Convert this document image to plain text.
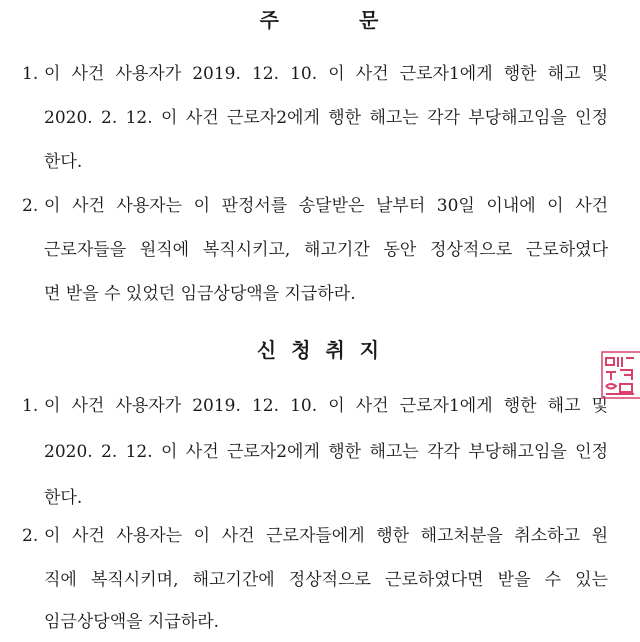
주	문
1. 이 사건 사용자가 2019. 12. 10. 이 사건 근로자1에게 행한 해고 및
2020. 2. 12. 이 사건 근로자2에게 행한 해고는 각각 부당해고임을 인정
한다.
2. 이 사건 사용자는 이 판정서를 송달받은 날부터 30일 이내에 이 사건
근로자들을 원직에 복직시키고, 해고기간 동안 정상적으로 근로하였다
면 받을 수 있었던 임금상당액을 지급하라.
신 청 취 지
1. 이 사건 사용자가 2019. 12. 10. 이 사건 근로자1에게 행한 해고 및
2020. 2. 12. 이 사건 근로자2에게 행한 해고는 각각 부당해고임을 인정
한다.
2. 이 사건 사용자는 이 사건 근로자들에게 행한 해고처분을 취소하고 원
직에 복직시키며, 해고기간에 정상적으로 근로하였다면 받을 수 있는
임금상당액을 지급하라.
